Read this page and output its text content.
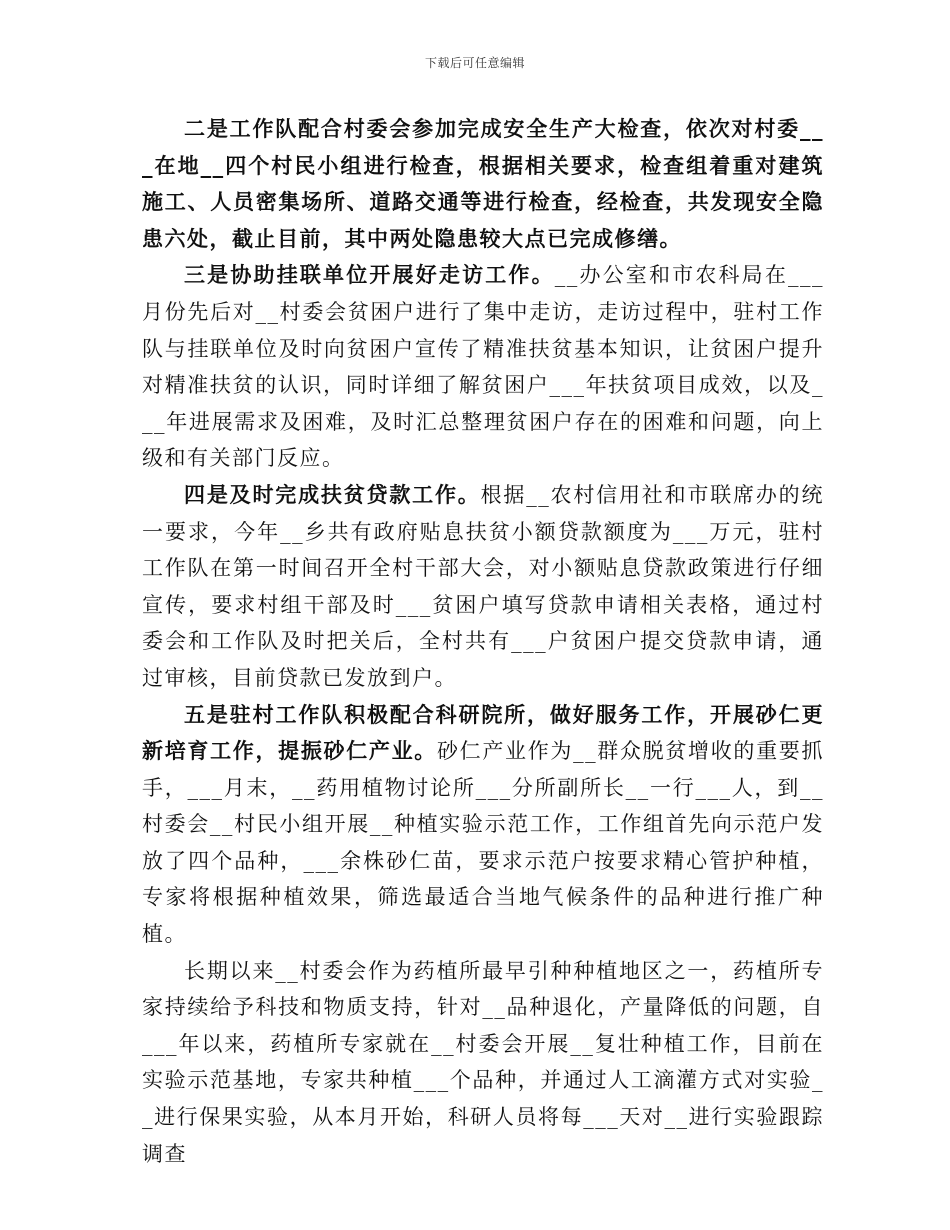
下载后可任意编辑

二是工作队配合村委会参加完成安全生产大检查，依次对村委___在地__四个村民小组进行检查，根据相关要求，检查组着重对建筑施工、人员密集场所、道路交通等进行检查，经检查，共发现安全隐患六处，截止目前，其中两处隐患较大点已完成修缮。

三是协助挂联单位开展好走访工作。__办公室和市农科局在___月份先后对__村委会贫困户进行了集中走访，走访过程中，驻村工作队与挂联单位及时向贫困户宣传了精准扶贫基本知识，让贫困户提升对精准扶贫的认识，同时详细了解贫困户___年扶贫项目成效，以及___年进展需求及困难，及时汇总整理贫困户存在的困难和问题，向上级和有关部门反应。

四是及时完成扶贫贷款工作。根据__农村信用社和市联席办的统一要求，今年__乡共有政府贴息扶贫小额贷款额度为___万元，驻村工作队在第一时间召开全村干部大会，对小额贴息贷款政策进行仔细宣传，要求村组干部及时___贫困户填写贷款申请相关表格，通过村委会和工作队及时把关后，全村共有___户贫困户提交贷款申请，通过审核，目前贷款已发放到户。

五是驻村工作队积极配合科研院所，做好服务工作，开展砂仁更新培育工作，提振砂仁产业。砂仁产业作为__群众脱贫增收的重要抓手，___月末，__药用植物讨论所___分所副所长__一行___人，到__村委会__村民小组开展__种植实验示范工作，工作组首先向示范户发放了四个品种，___余株砂仁苗，要求示范户按要求精心管护种植，专家将根据种植效果，筛选最适合当地气候条件的品种进行推广种植。

长期以来__村委会作为药植所最早引种种植地区之一，药植所专家持续给予科技和物质支持，针对__品种退化，产量降低的问题，自___年以来，药植所专家就在__村委会开展__复壮种植工作，目前在实验示范基地，专家共种植___个品种，并通过人工滴灌方式对实验__进行保果实验，从本月开始，科研人员将每___天对__进行实验跟踪调查
